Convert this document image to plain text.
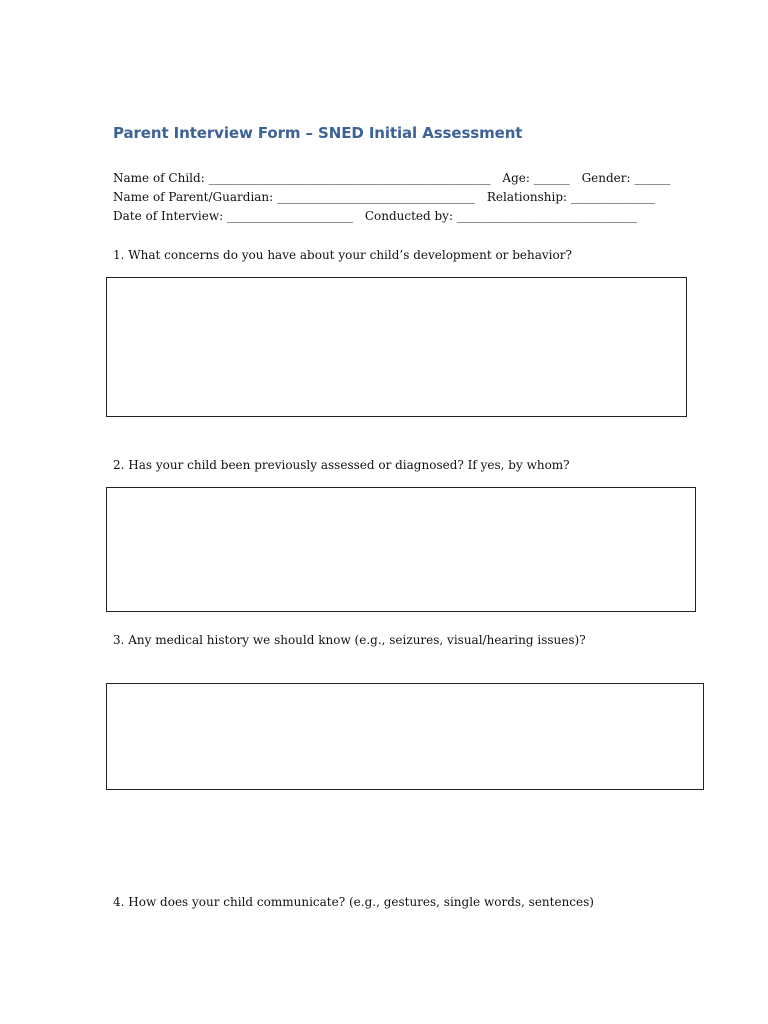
Parent Interview Form – SNED Initial Assessment
Name of Child: _______________________________________________ Age: ______ Gender: ______
Name of Parent/Guardian: _________________________________ Relationship: ______________
Date of Interview: _____________________ Conducted by: ______________________________
1. What concerns do you have about your child’s development or behavior?
2. Has your child been previously assessed or diagnosed? If yes, by whom?
3. Any medical history we should know (e.g., seizures, visual/hearing issues)?
4. How does your child communicate? (e.g., gestures, single words, sentences)
